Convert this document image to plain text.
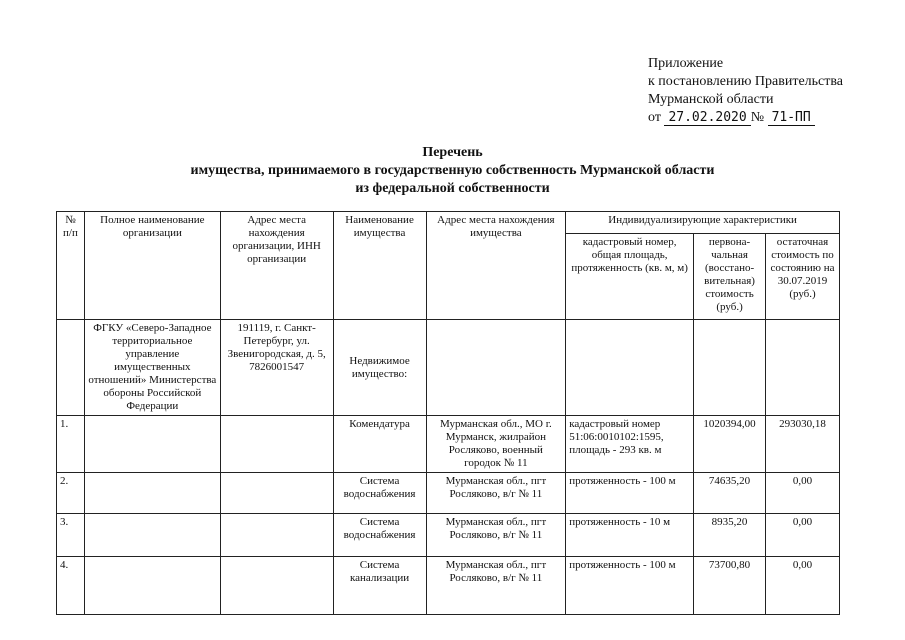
Приложение
к постановлению Правительства
Мурманской области
от 27.02.2020 № 71-ПП
Перечень
имущества, принимаемого в государственную собственность Мурманской области
из федеральной собственности
№ п/п	Полное наименование организации	Адрес места нахождения организации, ИНН организации	Наименование имущества	Адрес места нахождения имущества	Индивидуализирующие характеристики		
					кадастровый номер, общая площадь, протяженность (кв. м, м)	первона-чальная (восстано-вительная) стоимость (руб.)	остаточная стоимость по состоянию на 30.07.2019 (руб.)
	ФГКУ «Северо-Западное территориальное управление имущественных отношений» Министерства обороны Российской Федерации	191119, г. Санкт-Петербург, ул. Звенигородская, д. 5, 7826001547	Недвижимое имущество:				
1.			Комендатура	Мурманская обл., МО г. Мурманск, жилрайон Росляково, военный городок № 11	кадастровый номер 51:06:0010102:1595, площадь - 293 кв. м	1020394,00	293030,18
2.			Система водоснабжения	Мурманская обл., пгт Росляково, в/г № 11	протяженность - 100 м	74635,20	0,00
3.			Система водоснабжения	Мурманская обл., пгт Росляково, в/г № 11	протяженность - 10 м	8935,20	0,00
4.			Система канализации	Мурманская обл., пгт Росляково, в/г № 11	протяженность - 100 м	73700,80	0,00
